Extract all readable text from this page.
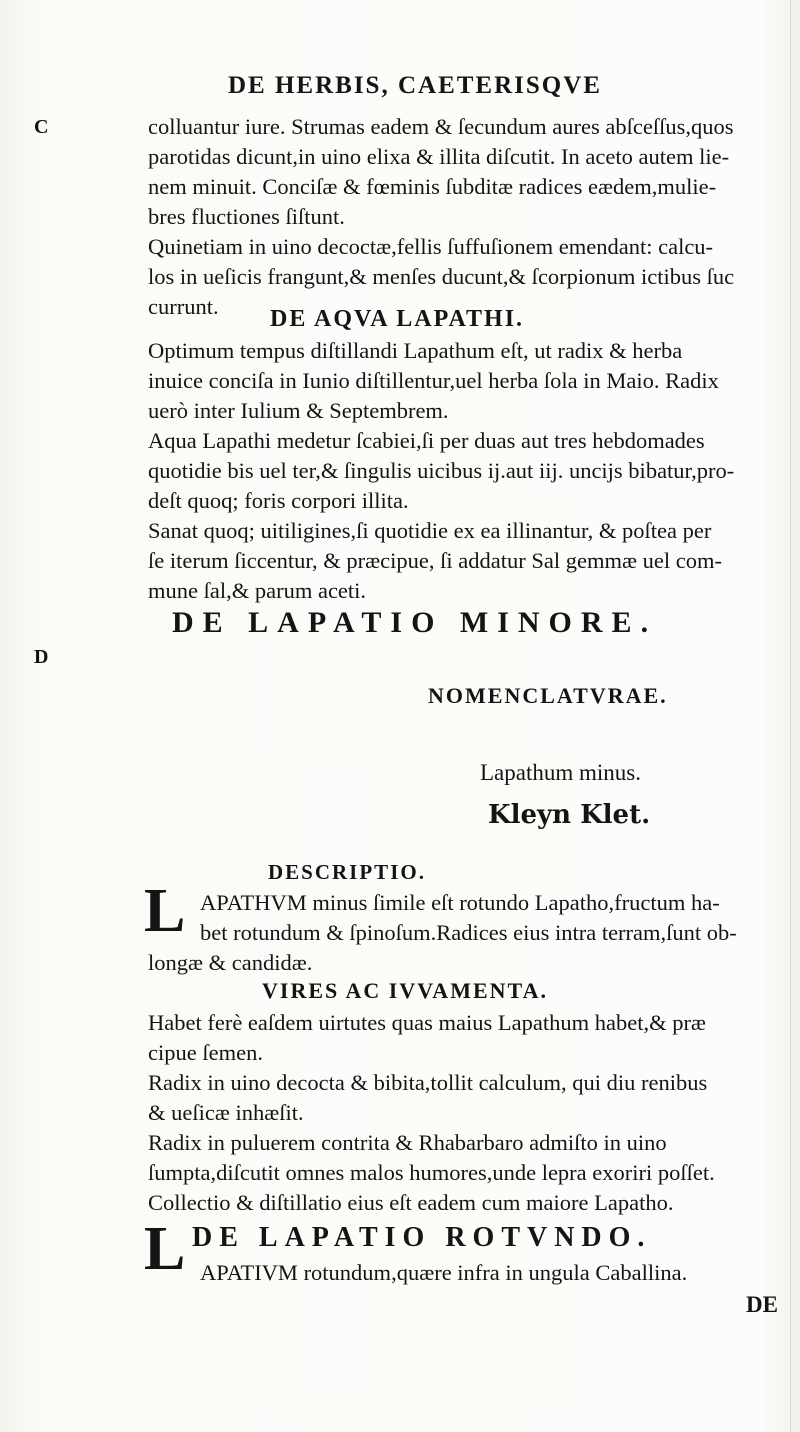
DE HERBIS, CAETERISQVE
C
D
colluantur iure. Strumas eadem & ſecundum aures abſceſſus,quos
parotidas dicunt,in uino elixa & illita diſcutit. In aceto autem lie-
nem minuit. Conciſæ & fœminis ſubditæ radices eædem,mulie-
bres fluctiones ſiſtunt.
Quinetiam in uino decoctæ,fellis ſuffuſionem emendant: calcu-
los in ueſicis frangunt,& menſes ducunt,& ſcorpionum ictibus ſuc
currunt.	DE AQVA LAPATHI.
Optimum tempus diſtillandi Lapathum eſt, ut radix & herba
inuice conciſa in Iunio diſtillentur,uel herba ſola in Maio. Radix
uerò inter Iulium & Septembrem.
Aqua Lapathi medetur ſcabiei,ſi per duas aut tres hebdomades
quotidie bis uel ter,& ſingulis uicibus ij.aut iij. uncijs bibatur,pro-
deſt quoq; foris corpori illita.
Sanat quoq; uitiligines,ſi quotidie ex ea illinantur, & poſtea per
ſe iterum ſiccentur, & præcipue, ſi addatur Sal gemmæ uel com-
mune ſal,& parum aceti.
DE LAPATIO MINORE.
NOMENCLATVRAE.
Lapathum minus.
Kleyn Klet.
DESCRIPTIO.
L APATHVM minus ſimile eſt rotundo Lapatho,fructum ha-
bet rotundum & ſpinoſum.Radices eius intra terram,ſunt ob-
longæ & candidæ.
VIRES AC IVVAMENTA.
Habet ferè eaſdem uirtutes quas maius Lapathum habet,& præ
cipue ſemen.
Radix in uino decocta & bibita,tollit calculum, qui diu renibus
& ueſicæ inhæſit.
Radix in puluerem contrita & Rhabarbaro admiſto in uino
ſumpta,diſcutit omnes malos humores,unde lepra exoriri poſſet.
Collectio & diſtillatio eius eſt eadem cum maiore Lapatho.
L DE LAPATIO ROTVNDO.
APATIVM rotundum,quære infra in ungula Caballina.
DE
